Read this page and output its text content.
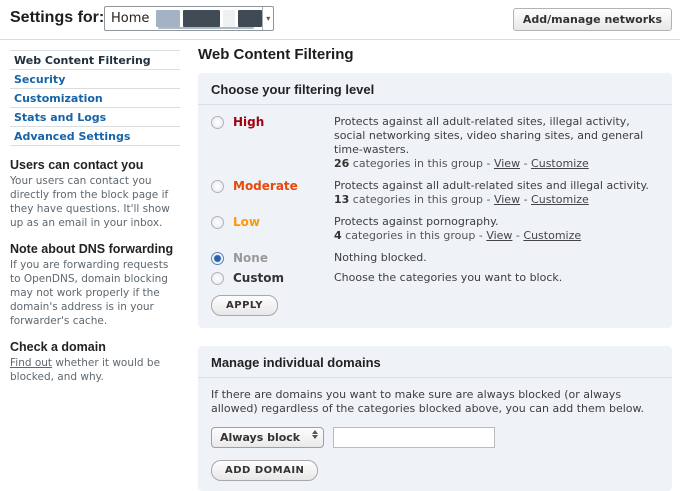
Settings for: Home	▾	Add/manage networks
Web Content Filtering
Security
Customization
Stats and Logs
Advanced Settings
Users can contact you

Your users can contact you directly from the block page if they have questions. It'll show up as an email in your inbox.

Note about DNS forwarding

If you are forwarding requests to OpenDNS, domain blocking may not work properly if the domain's address is in your forwarder's cache.

Check a domain

Find out whether it would be blocked, and why.

Web Content Filtering
Choose your filtering level
High	Protects against all adult-related sites, illegal activity, social networking sites, video sharing sites, and general time-wasters.
26 categories in this group - View - Customize
Moderate	Protects against all adult-related sites and illegal activity.
13 categories in this group - View - Customize
Low	Protects against pornography.
4 categories in this group - View - Customize
None	Nothing blocked.
Custom	Choose the categories you want to block.
APPLY
Manage individual domains

If there are domains you want to make sure are always blocked (or always allowed) regardless of the categories blocked above, you can add them below.

Always block
ADD DOMAIN
